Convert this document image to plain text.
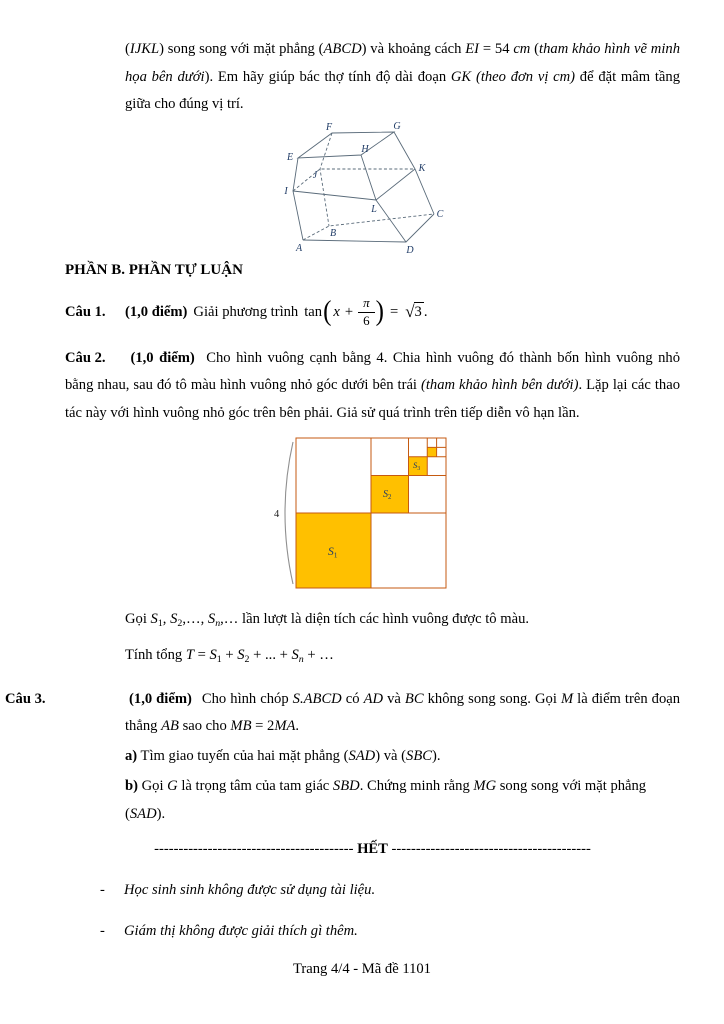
(IJKL) song song với mặt phẳng (ABCD) và khoảng cách EI = 54 cm (tham khảo hình vẽ minh họa bên dưới). Em hãy giúp bác thợ tính độ dài đoạn GK (theo đơn vị cm) để đặt mâm tầng giữa cho đúng vị trí.

F	G
E
H
J
K
I
L	C
B
A	D

PHẦN B. PHẦN TỰ LUẬN

Câu 1.	(1,0 điểm) Giải phương trình tan ( $x + \frac{\pi}{6}$ ) = √ 3 .

Câu 2. (1,0 điểm) Cho hình vuông cạnh bằng 4. Chia hình vuông đó thành bốn hình vuông nhỏ bằng nhau, sau đó tô màu hình vuông nhỏ góc dưới bên trái (tham khảo hình bên dưới). Lặp lại các thao tác này với hình vuông nhỏ góc trên bên phải. Giả sử quá trình trên tiếp diễn vô hạn lần.

4
$S_1$
$S_2$
$S_3$

Gọi $S_1$, $S_2,\dots$, $S_n,\dots$ lần lượt là diện tích các hình vuông được tô màu.

Tính tổng $T = S_1 + S_2$ + ... + $S_n$ + …

Câu 3.	(1,0 điểm) Cho hình chóp S.ABCD có AD và BC không song song. Gọi M là điểm trên đoạn thẳng AB sao cho MB = 2MA.

a) Tìm giao tuyến của hai mặt phẳng (SAD) và (SBC).

b) Gọi G là trọng tâm của tam giác SBD. Chứng minh rằng MG song song với mặt phẳng (SAD).

----------------------------------------- HẾT -----------------------------------------

- Học sinh sinh không được sử dụng tài liệu.

- Giám thị không được giải thích gì thêm.

Trang 4/4 - Mã đề 1101
